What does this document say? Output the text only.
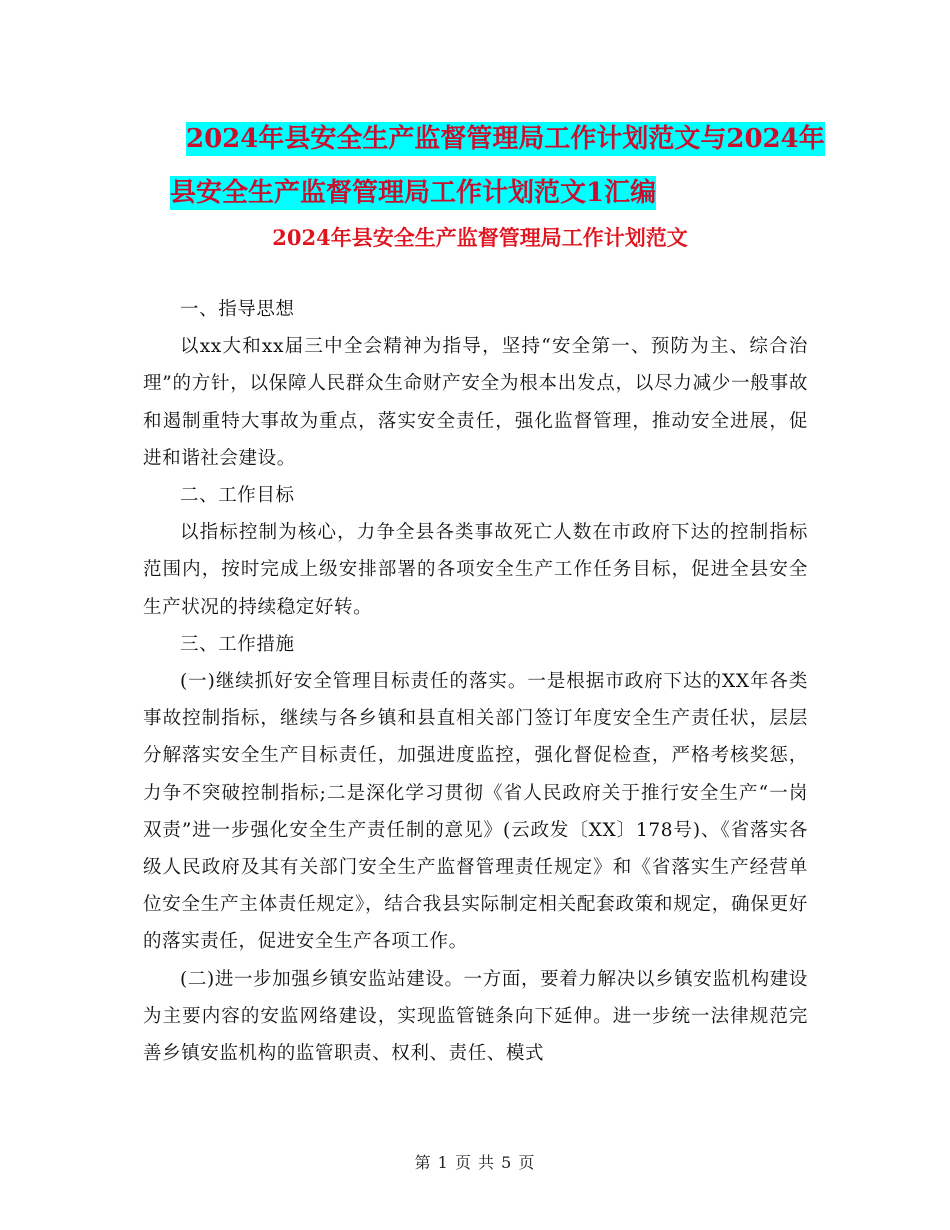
2024年县安全生产监督管理局工作计划范文与2024年
县安全生产监督管理局工作计划范文1汇编
2024年县安全生产监督管理局工作计划范文

一、指导思想

以xx大和xx届三中全会精神为指导，坚持“安全第一、预防为主、综合治理”的方针，以保障人民群众生命财产安全为根本出发点，以尽力减少一般事故和遏制重特大事故为重点，落实安全责任，强化监督管理，推动安全进展，促进和谐社会建设。

二、工作目标

以指标控制为核心，力争全县各类事故死亡人数在市政府下达的控制指标范围内，按时完成上级安排部署的各项安全生产工作任务目标，促进全县安全生产状况的持续稳定好转。

三、工作措施

(一)继续抓好安全管理目标责任的落实。一是根据市政府下达的XX年各类事故控制指标，继续与各乡镇和县直相关部门签订年度安全生产责任状，层层分解落实安全生产目标责任，加强进度监控，强化督促检查，严格考核奖惩，力争不突破控制指标;二是深化学习贯彻《省人民政府关于推行安全生产“一岗双责”进一步强化安全生产责任制的意见》(云政发〔XX〕178号)、《省落实各级人民政府及其有关部门安全生产监督管理责任规定》和《省落实生产经营单位安全生产主体责任规定》，结合我县实际制定相关配套政策和规定，确保更好的落实责任，促进安全生产各项工作。

(二)进一步加强乡镇安监站建设。一方面，要着力解决以乡镇安监机构建设为主要内容的安监网络建设，实现监管链条向下延伸。进一步统一法律规范完善乡镇安监机构的监管职责、权利、责任、模式

第 1 页 共 5 页
